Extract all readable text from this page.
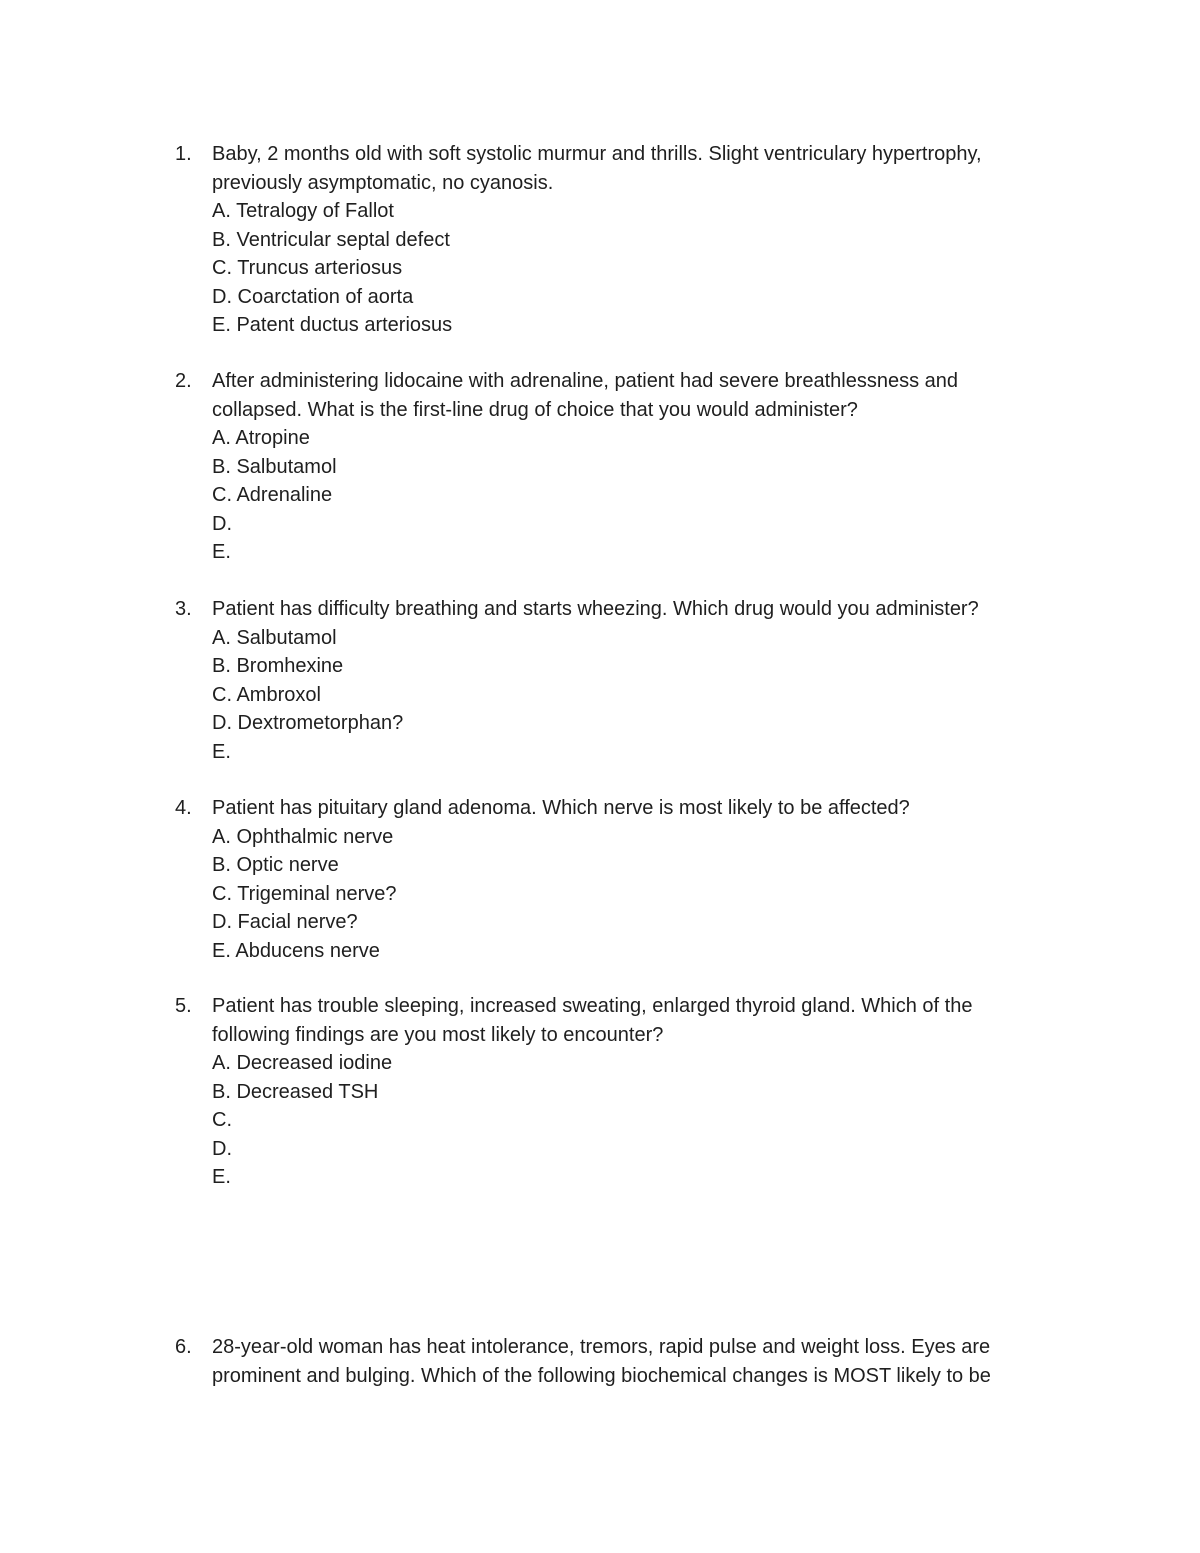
1. Baby, 2 months old with soft systolic murmur and thrills. Slight ventriculary hypertrophy,
previously asymptomatic, no cyanosis.
A. Tetralogy of Fallot
B. Ventricular septal defect
C. Truncus arteriosus
D. Coarctation of aorta
E. Patent ductus arteriosus
2. After administering lidocaine with adrenaline, patient had severe breathlessness and
collapsed. What is the first-line drug of choice that you would administer?
A. Atropine
B. Salbutamol
C. Adrenaline
D.
E.
3. Patient has difficulty breathing and starts wheezing. Which drug would you administer?
A. Salbutamol
B. Bromhexine
C. Ambroxol
D. Dextrometorphan?
E.
4. Patient has pituitary gland adenoma. Which nerve is most likely to be affected?
A. Ophthalmic nerve
B. Optic nerve
C. Trigeminal nerve?
D. Facial nerve?
E. Abducens nerve
5. Patient has trouble sleeping, increased sweating, enlarged thyroid gland. Which of the
following findings are you most likely to encounter?
A. Decreased iodine
B. Decreased TSH
C.
D.
E.
6. 28-year-old woman has heat intolerance, tremors, rapid pulse and weight loss. Eyes are
prominent and bulging. Which of the following biochemical changes is MOST likely to be
